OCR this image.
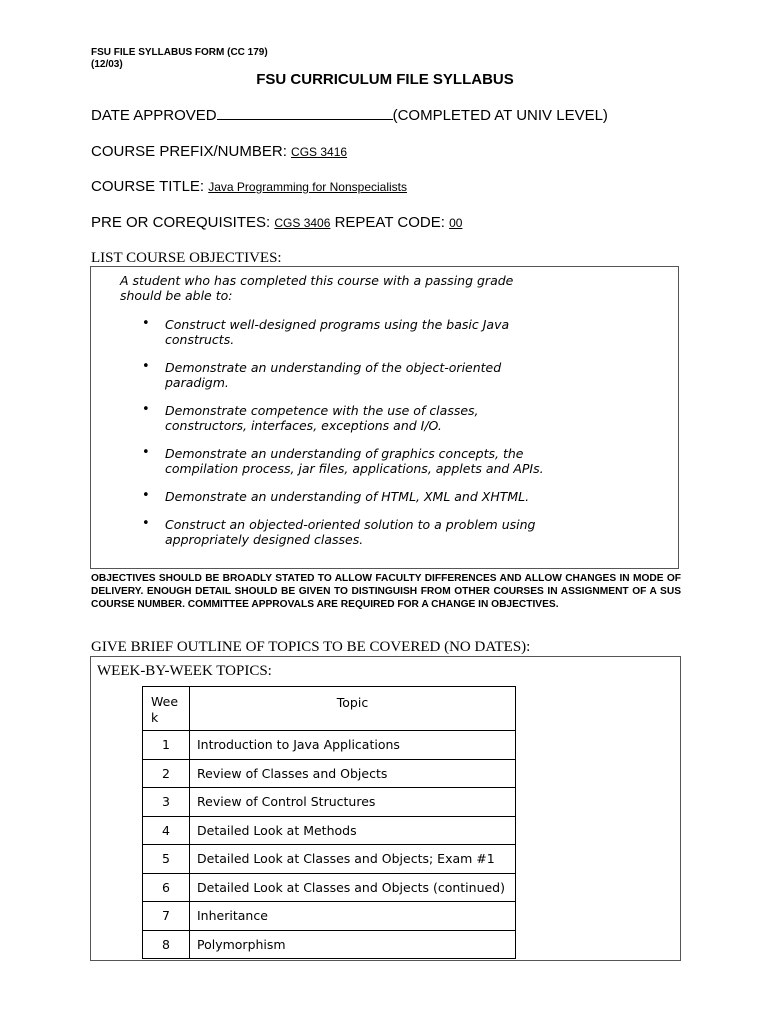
FSU FILE SYLLABUS FORM (CC 179)
(12/03)
FSU CURRICULUM FILE SYLLABUS
DATE APPROVED	(COMPLETED AT UNIV LEVEL)
COURSE PREFIX/NUMBER: CGS 3416
COURSE TITLE: Java Programming for Nonspecialists
PRE OR COREQUISITES: CGS 3406 REPEAT CODE: 00
LIST COURSE OBJECTIVES:
A student who has completed this course with a passing grade should be able to:
• Construct well-designed programs using the basic Java constructs.
• Demonstrate an understanding of the object-oriented paradigm.
• Demonstrate competence with the use of classes, constructors, interfaces, exceptions and I/O.
• Demonstrate an understanding of graphics concepts, the compilation process, jar files, applications, applets and APIs.
• Demonstrate an understanding of HTML, XML and XHTML.
• Construct an objected-oriented solution to a problem using appropriately designed classes.
OBJECTIVES SHOULD BE BROADLY STATED TO ALLOW FACULTY DIFFERENCES AND ALLOW CHANGES IN MODE OF DELIVERY. ENOUGH DETAIL SHOULD BE GIVEN TO DISTINGUISH FROM OTHER COURSES IN ASSIGNMENT OF A SUS COURSE NUMBER. COMMITTEE APPROVALS ARE REQUIRED FOR A CHANGE IN OBJECTIVES.
GIVE BRIEF OUTLINE OF TOPICS TO BE COVERED (NO DATES):
WEEK-BY-WEEK TOPICS:
Wee k	Topic
1	Introduction to Java Applications
2	Review of Classes and Objects
3	Review of Control Structures
4	Detailed Look at Methods
5	Detailed Look at Classes and Objects; Exam #1
6	Detailed Look at Classes and Objects (continued)
7	Inheritance
8	Polymorphism
